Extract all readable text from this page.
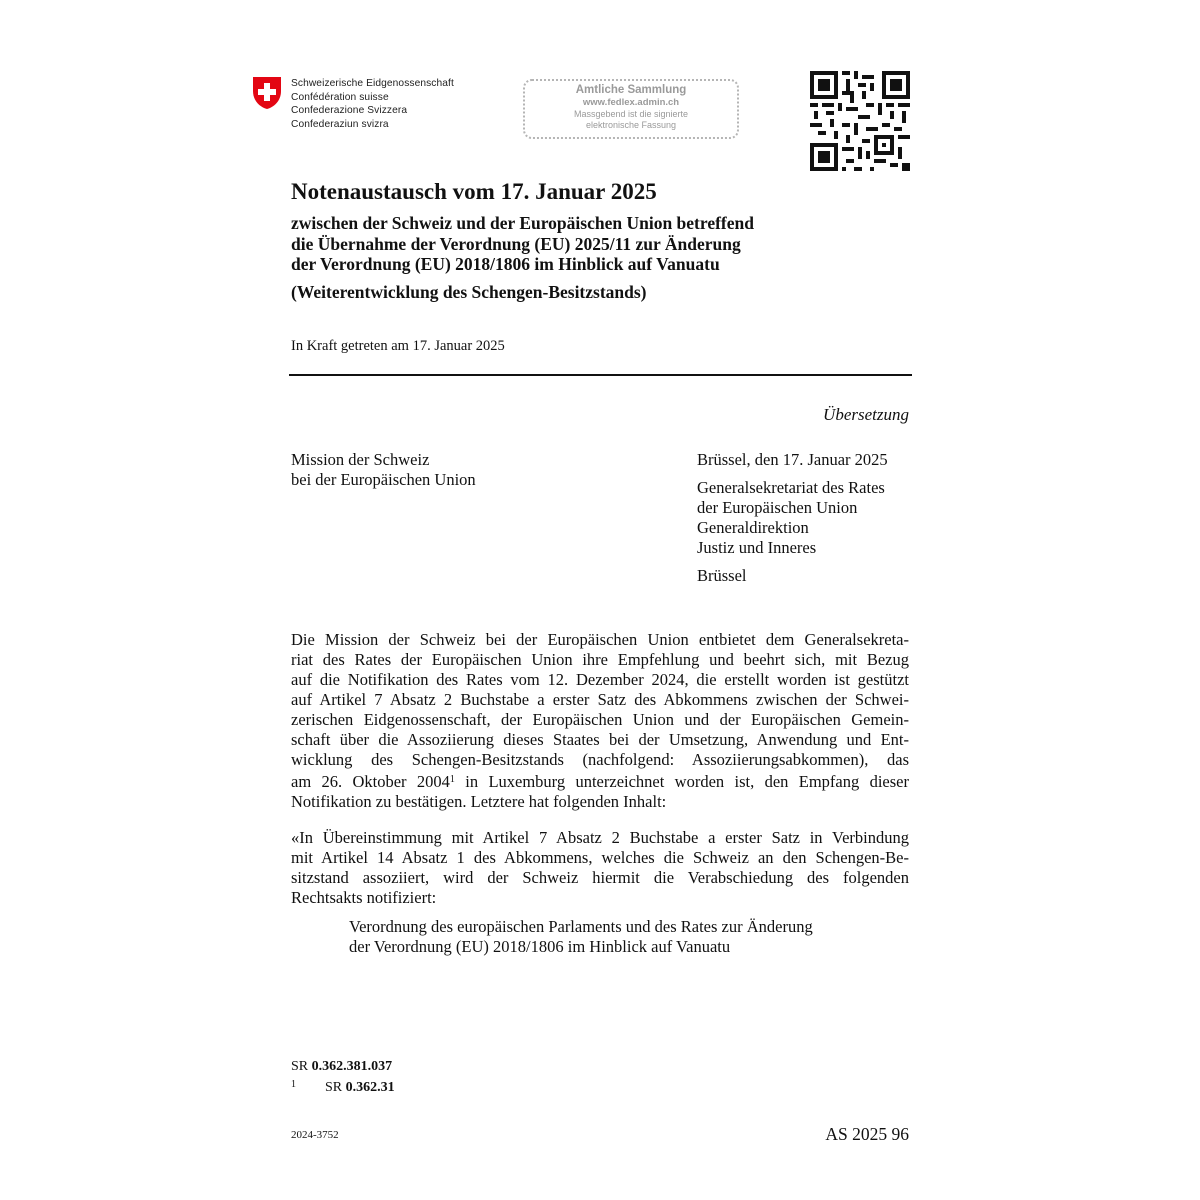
Schweizerische Eidgenossenschaft
Confédération suisse
Confederazione Svizzera
Confederaziun svizra
Amtliche Sammlung
www.fedlex.admin.ch
Massgebend ist die signierte
elektronische Fassung
Notenaustausch vom 17. Januar 2025
zwischen der Schweiz und der Europäischen Union betreffend
die Übernahme der Verordnung (EU) 2025/11 zur Änderung
der Verordnung (EU) 2018/1806 im Hinblick auf Vanuatu
(Weiterentwicklung des Schengen-Besitzstands)
In Kraft getreten am 17. Januar 2025
Übersetzung
Mission der Schweiz
bei der Europäischen Union
Brüssel, den 17. Januar 2025
Generalsekretariat des Rates
der Europäischen Union
Generaldirektion
Justiz und Inneres
Brüssel
Die Mission der Schweiz bei der Europäischen Union entbietet dem Generalsekreta-
riat des Rates der Europäischen Union ihre Empfehlung und beehrt sich, mit Bezug
auf die Notifikation des Rates vom 12. Dezember 2024, die erstellt worden ist gestützt
auf Artikel 7 Absatz 2 Buchstabe a erster Satz des Abkommens zwischen der Schwei-
zerischen Eidgenossenschaft, der Europäischen Union und der Europäischen Gemein-
schaft über die Assoziierung dieses Staates bei der Umsetzung, Anwendung und Ent-
wicklung des Schengen-Besitzstands (nachfolgend: Assoziierungsabkommen), das
am 26. Oktober 2004$^1$ in Luxemburg unterzeichnet worden ist, den Empfang dieser
Notifikation zu bestätigen. Letztere hat folgenden Inhalt:
«In Übereinstimmung mit Artikel 7 Absatz 2 Buchstabe a erster Satz in Verbindung
mit Artikel 14 Absatz 1 des Abkommens, welches die Schweiz an den Schengen-Be-
sitzstand assoziiert, wird der Schweiz hiermit die Verabschiedung des folgenden
Rechtsakts notifiziert:
Verordnung des europäischen Parlaments und des Rates zur Änderung
der Verordnung (EU) 2018/1806 im Hinblick auf Vanuatu
SR 0.362.381.037
1 SR 0.362.31
2024-3752	AS 2025 96
